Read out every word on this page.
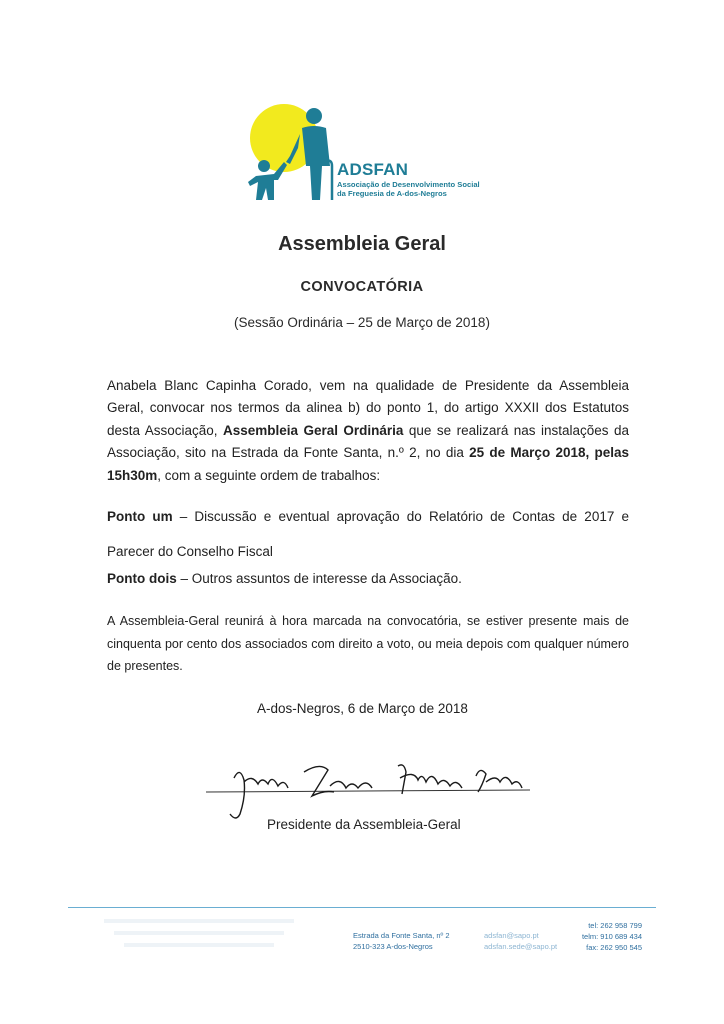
ADSFAN
Associação de Desenvolvimento Social
da Freguesia de A-dos-Negros
Assembleia Geral
CONVOCATÓRIA
(Sessão Ordinária – 25 de Março de 2018)
Anabela Blanc Capinha Corado, vem na qualidade de Presidente da Assembleia Geral, convocar nos termos da alinea b) do ponto 1, do artigo XXXII dos Estatutos desta Associação, Assembleia Geral Ordinária que se realizará nas instalações da Associação, sito na Estrada da Fonte Santa, n.º 2, no dia 25 de Março 2018, pelas 15h30m, com a seguinte ordem de trabalhos:
Ponto um – Discussão e eventual aprovação do Relatório de Contas de 2017 e Parecer do Conselho Fiscal
Ponto dois – Outros assuntos de interesse da Associação.
A Assembleia-Geral reunirá à hora marcada na convocatória, se estiver presente mais de cinquenta por cento dos associados com direito a voto, ou meia depois com qualquer número de presentes.
A-dos-Negros, 6 de Março de 2018
Presidente da Assembleia-Geral
Estrada da Fonte Santa, nº 2
2510-323 A-dos-Negros
adsfan@sapo.pt
adsfan.sede@sapo.pt
tel: 262 958 799
telm: 910 689 434
fax: 262 950 545
